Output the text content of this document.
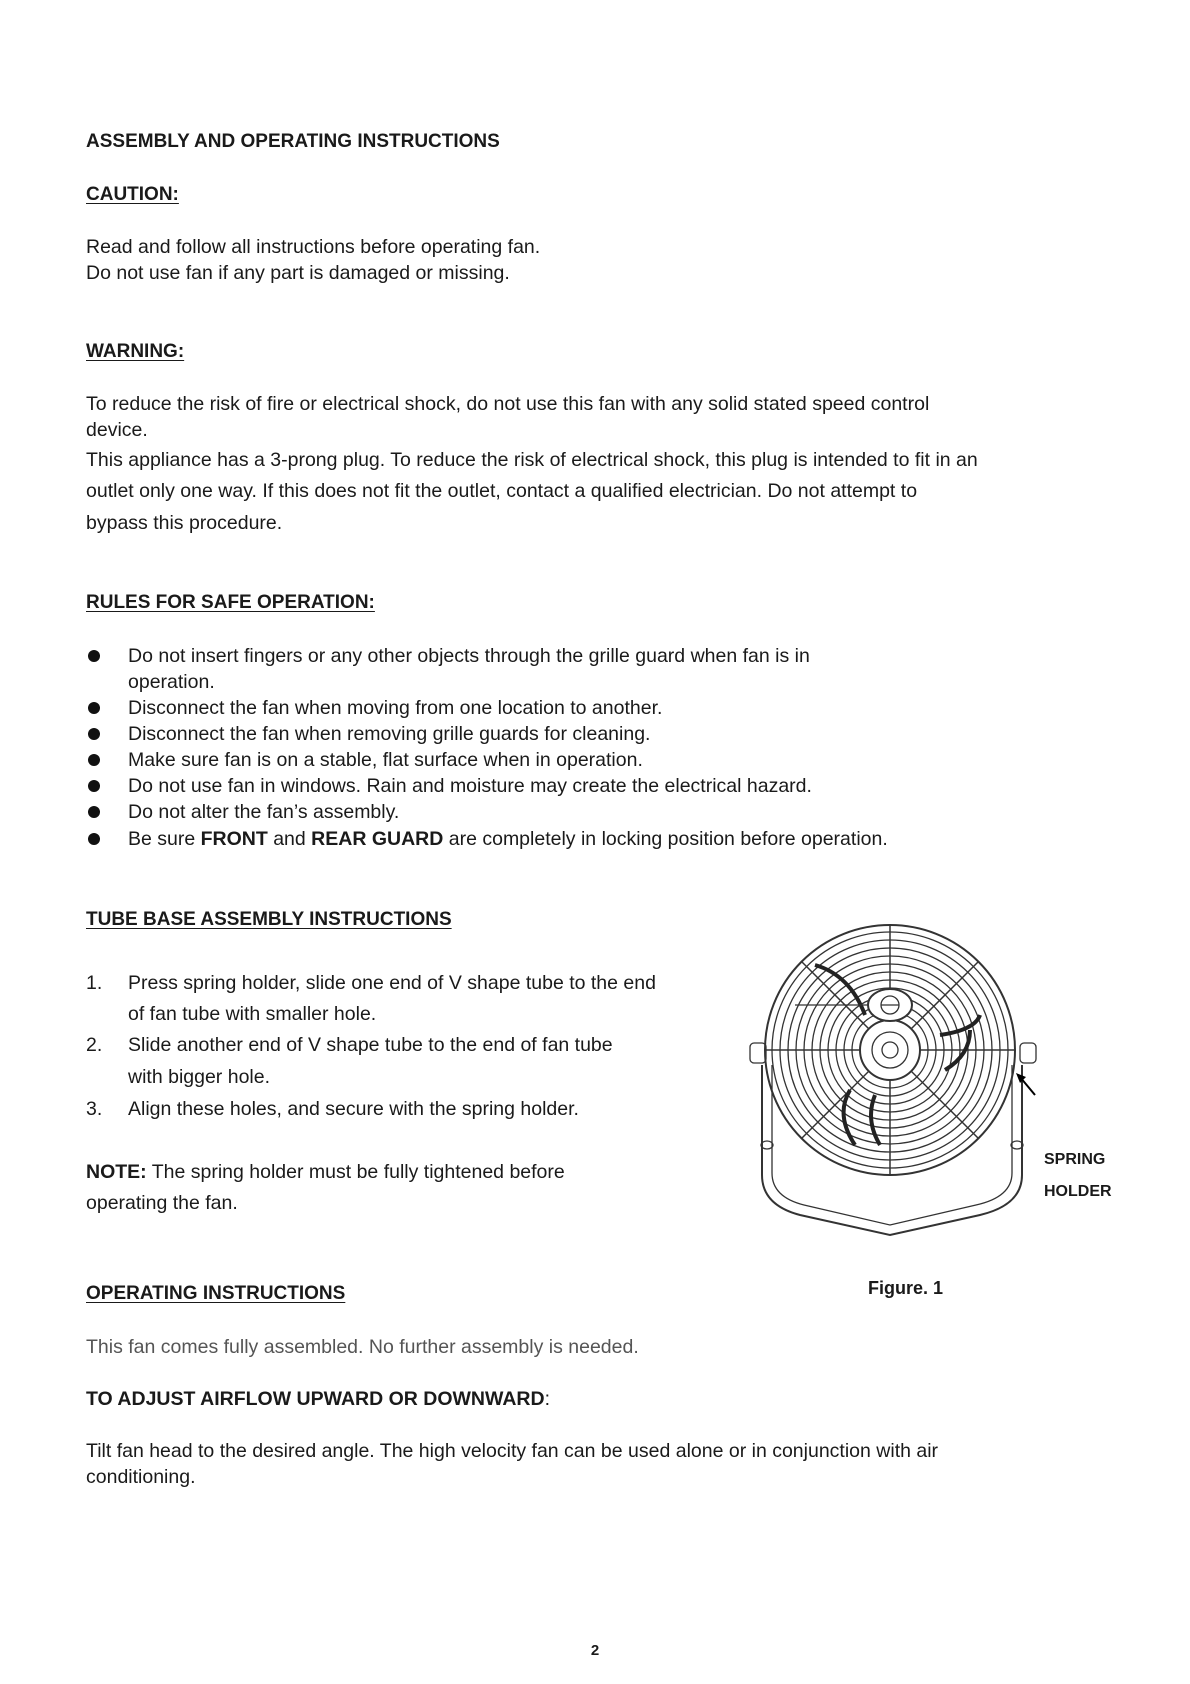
ASSEMBLY AND OPERATING INSTRUCTIONS
CAUTION:
Read and follow all instructions before operating fan.
Do not use fan if any part is damaged or missing.
WARNING:
To reduce the risk of fire or electrical shock, do not use this fan with any solid stated speed control
device.
This appliance has a 3-prong plug. To reduce the risk of electrical shock, this plug is intended to fit in an
outlet only one way. If this does not fit the outlet, contact a qualified electrician. Do not attempt to
bypass this procedure.
RULES FOR SAFE OPERATION:
Do not insert fingers or any other objects through the grille guard when fan is in
operation.
Disconnect the fan when moving from one location to another.
Disconnect the fan when removing grille guards for cleaning.
Make sure fan is on a stable, flat surface when in operation.
Do not use fan in windows. Rain and moisture may create the electrical hazard.
Do not alter the fan’s assembly.
Be sure FRONT and REAR GUARD are completely in locking position before operation.
TUBE BASE ASSEMBLY INSTRUCTIONS
1. Press spring holder, slide one end of V shape tube to the end
of fan tube with smaller hole.
2. Slide another end of V shape tube to the end of fan tube
with bigger hole.
3. Align these holes, and secure with the spring holder.
NOTE: The spring holder must be fully tightened before
operating the fan.
SPRING
HOLDER
Figure. 1
OPERATING INSTRUCTIONS
This fan comes fully assembled. No further assembly is needed.
TO ADJUST AIRFLOW UPWARD OR DOWNWARD:
Tilt fan head to the desired angle. The high velocity fan can be used alone or in conjunction with air
conditioning.
2
